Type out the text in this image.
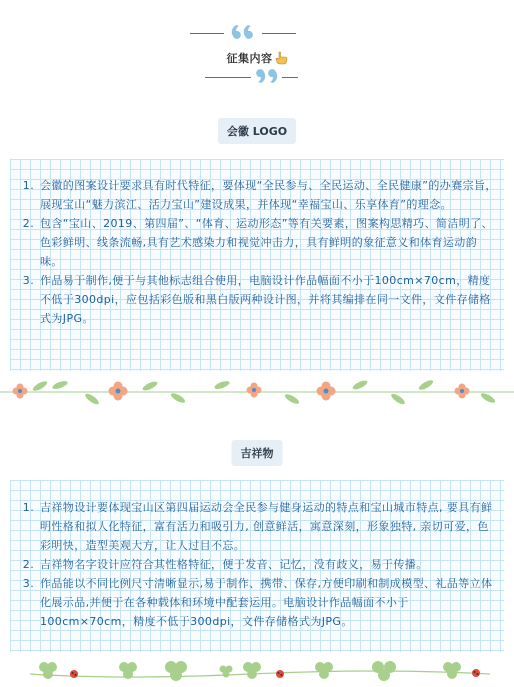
征集内容
会徽 LOGO
1. 会徽的图案设计要求具有时代特征，要体现“全民参与、全民运动、全民健康”的办赛宗旨，展现宝山“魅力滨江、活力宝山”建设成果，并体现“幸福宝山、乐享体育”的理念。
2. 包含“宝山、2019、第四届”、“体育、运动形态”等有关要素，图案构思精巧、简洁明了、色彩鲜明、线条流畅,具有艺术感染力和视觉冲击力，具有鲜明的象征意义和体育运动韵味。
3. 作品易于制作,便于与其他标志组合使用，电脑设计作品幅面不小于100cm×70cm，精度不低于300dpi，应包括彩色版和黑白版两种设计图，并将其编排在同一文件，文件存储格式为JPG。
吉祥物
1. 吉祥物设计要体现宝山区第四届运动会全民参与健身运动的特点和宝山城市特点, 要具有鲜明性格和拟人化特征，富有活力和吸引力, 创意鲜活，寓意深刻，形象独特, 亲切可爱，色彩明快，造型美观大方，让人过目不忘。
2. 吉祥物名字设计应符合其性格特征，便于发音、记忆，没有歧义，易于传播。
3. 作品能以不同比例尺寸清晰显示,易于制作、携带、保存,方便印刷和制成模型、礼品等立体化展示品,并便于在各种载体和环境中配套运用。电脑设计作品幅面不小于100cm×70cm，精度不低于300dpi，文件存储格式为JPG。
